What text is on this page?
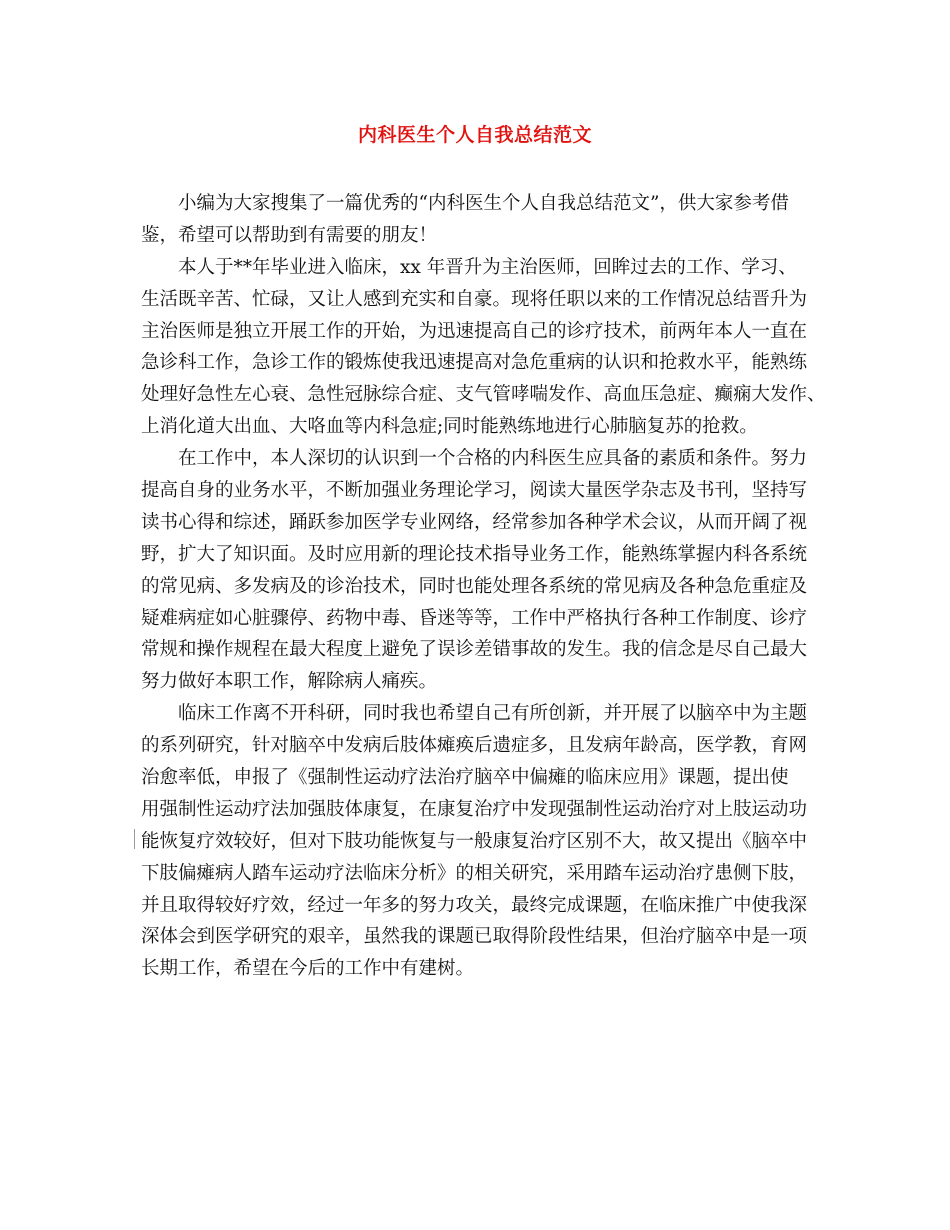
内科医生个人自我总结范文
小编为大家搜集了一篇优秀的“内科医生个人自我总结范文”，供大家参考借
鉴，希望可以帮助到有需要的朋友！
本人于**年毕业进入临床，xx 年晋升为主治医师，回眸过去的工作、学习、
生活既辛苦、忙碌，又让人感到充实和自豪。现将任职以来的工作情况总结晋升为
主治医师是独立开展工作的开始，为迅速提高自己的诊疗技术，前两年本人一直在
急诊科工作，急诊工作的锻炼使我迅速提高对急危重病的认识和抢救水平，能熟练
处理好急性左心衰、急性冠脉综合症、支气管哮喘发作、高血压急症、癫痫大发作、
上消化道大出血、大咯血等内科急症;同时能熟练地进行心肺脑复苏的抢救。
在工作中，本人深切的认识到一个合格的内科医生应具备的素质和条件。努力
提高自身的业务水平，不断加强业务理论学习，阅读大量医学杂志及书刊，坚持写
读书心得和综述，踊跃参加医学专业网络，经常参加各种学术会议，从而开阔了视
野，扩大了知识面。及时应用新的理论技术指导业务工作，能熟练掌握内科各系统
的常见病、多发病及的诊治技术，同时也能处理各系统的常见病及各种急危重症及
疑难病症如心脏骤停、药物中毒、昏迷等等，工作中严格执行各种工作制度、诊疗
常规和操作规程在最大程度上避免了误诊差错事故的发生。我的信念是尽自己最大
努力做好本职工作，解除病人痛疾。
临床工作离不开科研，同时我也希望自己有所创新，并开展了以脑卒中为主题
的系列研究，针对脑卒中发病后肢体瘫痪后遗症多，且发病年龄高，医学教，育网
治愈率低，申报了《强制性运动疗法治疗脑卒中偏瘫的临床应用》课题，提出使
用强制性运动疗法加强肢体康复，在康复治疗中发现强制性运动治疗对上肢运动功
能恢复疗效较好，但对下肢功能恢复与一般康复治疗区别不大，故又提出《脑卒中
下肢偏瘫病人踏车运动疗法临床分析》的相关研究，采用踏车运动治疗患侧下肢，
并且取得较好疗效，经过一年多的努力攻关，最终完成课题，在临床推广中使我深
深体会到医学研究的艰辛，虽然我的课题已取得阶段性结果，但治疗脑卒中是一项
长期工作，希望在今后的工作中有建树。
